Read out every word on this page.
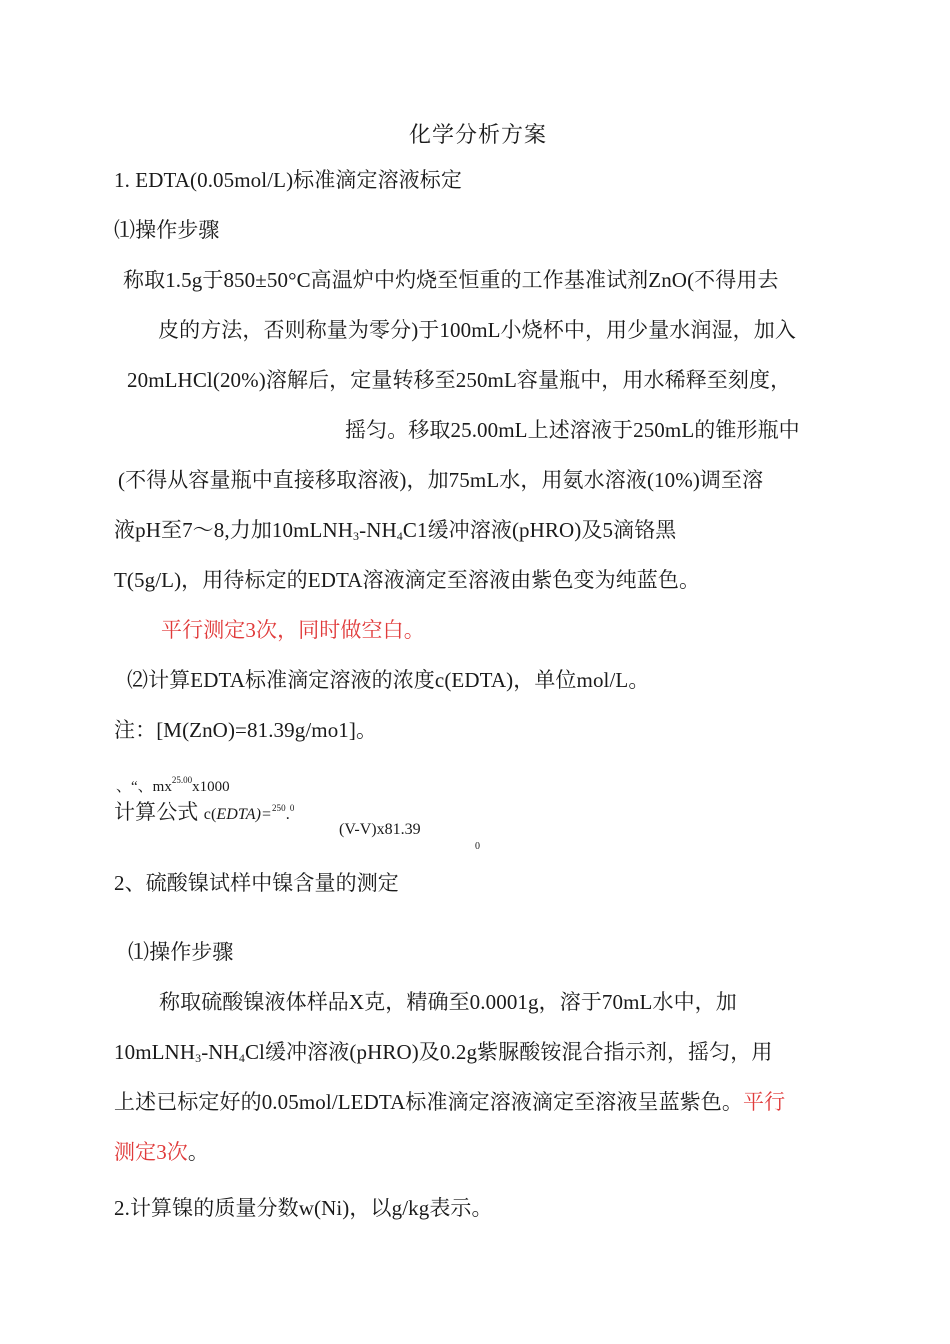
化学分析方案
1. EDTA(0.05mol/L)标准滴定溶液标定
⑴操作步骤
称取1.5g于850±50°C高温炉中灼烧至恒重的工作基准试剂ZnO(不得用去
皮的方法，否则称量为零分)于100mL小烧杯中，用少量水润湿，加入
20mLHCl(20%)溶解后，定量转移至250mL容量瓶中，用水稀释至刻度，
摇匀。移取25.00mL上述溶液于250mL的锥形瓶中
(不得从容量瓶中直接移取溶液)，加75mL水，用氨水溶液(10%)调至溶
液pH至7〜8,力加$10mLNH_3-NH_4C1$缓冲溶液(pHRO)及5滴铬黑
T(5g/L)，用待标定的EDTA溶液滴定至溶液由紫色变为纯蓝色。
平行测定3次，同时做空白。
⑵计算EDTA标准滴定溶液的浓度c(EDTA)，单位mol/L。
注：[M(ZnO)=81.39g/mo1]。
、“、$mx^{25.00}x1000$
计算公式 c(EDTA)=$^{250}$.$^0$
(V-V)x81.39
0
2、硫酸镍试样中镍含量的测定
⑴操作步骤
称取硫酸镍液体样品X克，精确至0.0001g，溶于70mL水中，加
$10mLNH_3-NH_4Cl$缓冲溶液(pHRO)及0.2g紫脲酸铵混合指示剂，摇匀，用
上述已标定好的0.05mol/LEDTA标准滴定溶液滴定至溶液呈蓝紫色。平行
测定3次。
2.计算镍的质量分数w(Ni)，以g/kg表示。
